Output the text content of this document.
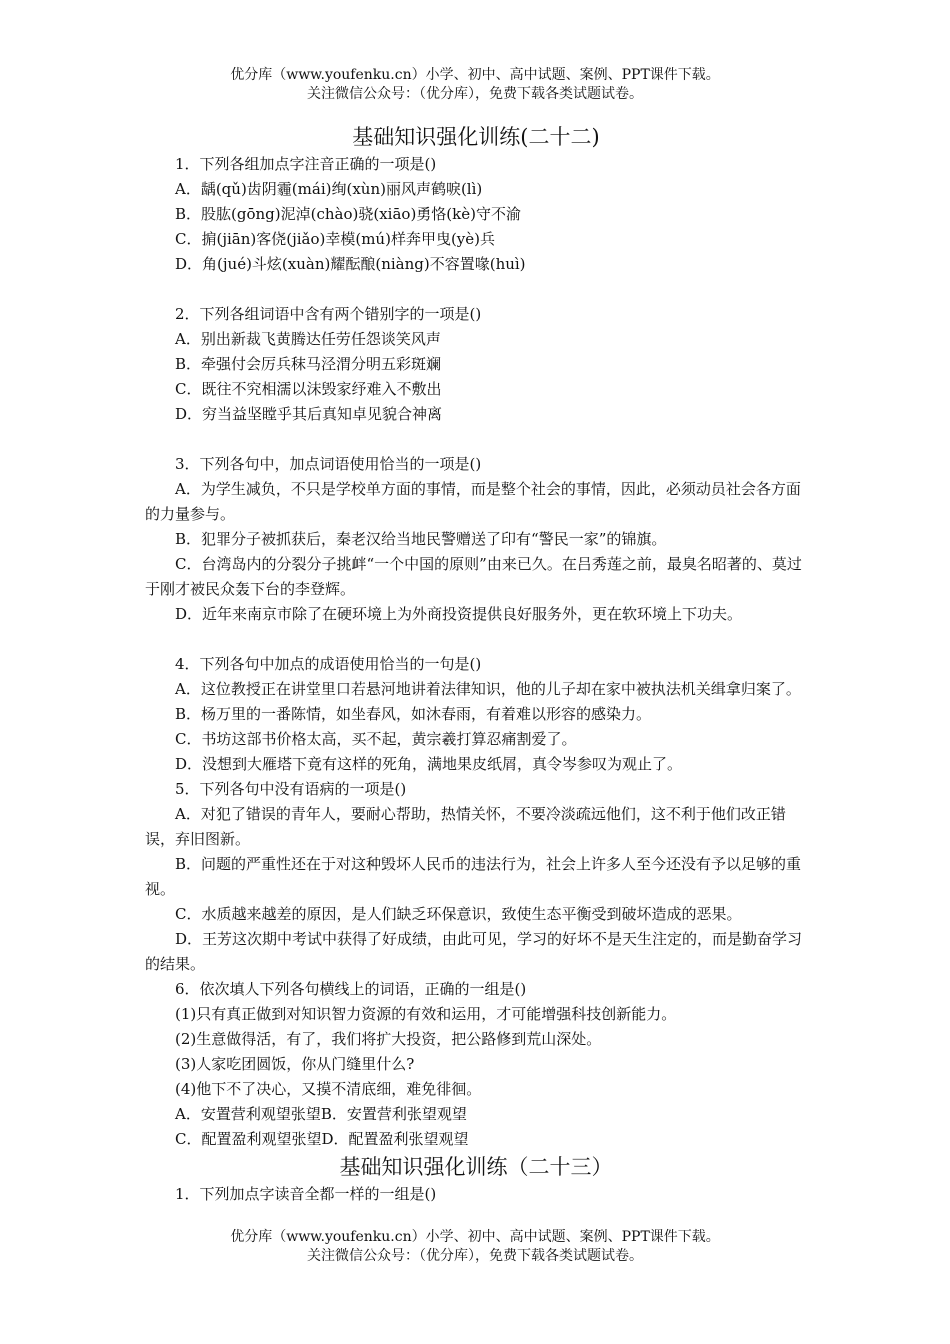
优分库（www.youfenku.cn）小学、初中、高中试题、案例、PPT课件下载。
关注微信公众号：（优分库），免费下载各类试题试卷。
基础知识强化训练(二十二)
1．下列各组加点字注音正确的一项是()
A．龋(qǔ)齿阴霾(mái)绚(xùn)丽风声鹤唳(lì)
B．股肱(gōng)泥淖(chào)骁(xiāo)勇恪(kè)守不渝
C．掮(jiān)客侥(jiǎo)幸模(mú)样奔甲曳(yè)兵
D．角(jué)斗炫(xuàn)耀酝酿(niàng)不容置喙(huì)
2．下列各组词语中含有两个错别字的一项是()
A．别出新裁飞黄腾达任劳任怨谈笑风声
B．牵强付会厉兵秣马泾渭分明五彩斑斓
C．既往不究相濡以沫毁家纾难入不敷出
D．穷当益坚瞠乎其后真知卓见貌合神离
3．下列各句中，加点词语使用恰当的一项是()
A．为学生减负，不只是学校单方面的事情，而是整个社会的事情，因此，必须动员社会各方面的力量参与。
B．犯罪分子被抓获后，秦老汉给当地民警赠送了印有“警民一家”的锦旗。
C．台湾岛内的分裂分子挑衅“一个中国的原则”由来已久。在吕秀莲之前，最臭名昭著的、莫过于刚才被民众轰下台的李登辉。
D．近年来南京市除了在硬环境上为外商投资提供良好服务外，更在软环境上下功夫。
4．下列各句中加点的成语使用恰当的一句是()
A．这位教授正在讲堂里口若悬河地讲着法律知识，他的儿子却在家中被执法机关缉拿归案了。
B．杨万里的一番陈情，如坐春风，如沐春雨，有着难以形容的感染力。
C．书坊这部书价格太高，买不起，黄宗羲打算忍痛割爱了。
D．没想到大雁塔下竟有这样的死角，满地果皮纸屑，真令岑参叹为观止了。
5．下列各句中没有语病的一项是()
A．对犯了错误的青年人，要耐心帮助，热情关怀，不要冷淡疏远他们，这不利于他们改正错误，弃旧图新。
B．问题的严重性还在于对这种毁坏人民币的违法行为，社会上许多人至今还没有予以足够的重视。
C．水质越来越差的原因，是人们缺乏环保意识，致使生态平衡受到破坏造成的恶果。
D．王芳这次期中考试中获得了好成绩，由此可见，学习的好坏不是天生注定的，而是勤奋学习的结果。
6．依次填人下列各句横线上的词语，正确的一组是()
(1)只有真正做到对知识智力资源的有效和运用，才可能增强科技创新能力。
(2)生意做得活，有了，我们将扩大投资，把公路修到荒山深处。
(3)人家吃团圆饭，你从门缝里什么?
(4)他下不了决心，又摸不清底细，难免徘徊。
A．安置营利观望张望B．安置营利张望观望
C．配置盈利观望张望D．配置盈利张望观望
基础知识强化训练（二十三）
1．下列加点字读音全都一样的一组是()
优分库（www.youfenku.cn）小学、初中、高中试题、案例、PPT课件下载。
关注微信公众号：（优分库），免费下载各类试题试卷。
